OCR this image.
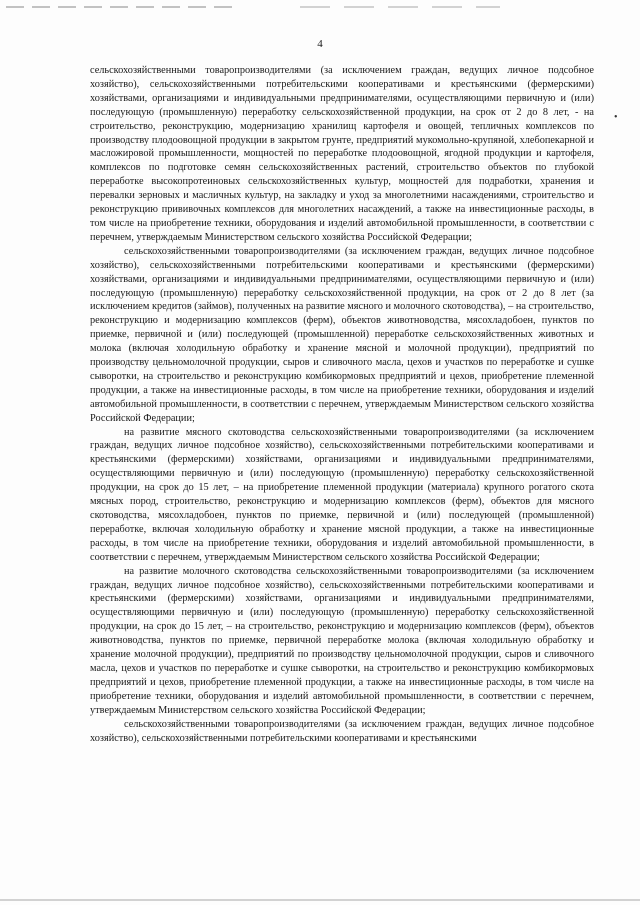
4
•

сельскохозяйственными товаропроизводителями (за исключением граждан, ведущих личное подсобное хозяйство), сельскохозяйственными потребительскими кооперативами и крестьянскими (фермерскими) хозяйствами, организациями и индивидуальными предпринимателями, осуществляющими первичную и (или) последующую (промышленную) переработку сельскохозяйственной продукции, на срок от 2 до 8 лет, - на строительство, реконструкцию, модернизацию хранилищ картофеля и овощей, тепличных комплексов по производству плодоовощной продукции в закрытом грунте, предприятий мукомольно-крупяной, хлебопекарной и масложировой промышленности, мощностей по переработке плодоовощной, ягодной продукции и картофеля, комплексов по подготовке семян сельскохозяйственных растений, строительство объектов по глубокой переработке высокопротеиновых сельскохозяйственных культур, мощностей для подработки, хранения и перевалки зерновых и масличных культур, на закладку и уход за многолетними насаждениями, строительство и реконструкцию прививочных комплексов для многолетних насаждений, а также на инвестиционные расходы, в том числе на приобретение техники, оборудования и изделий автомобильной промышленности, в соответствии с перечнем, утверждаемым Министерством сельского хозяйства Российской Федерации;

сельскохозяйственными товаропроизводителями (за исключением граждан, ведущих личное подсобное хозяйство), сельскохозяйственными потребительскими кооперативами и крестьянскими (фермерскими) хозяйствами, организациями и индивидуальными предпринимателями, осуществляющими первичную и (или) последующую (промышленную) переработку сельскохозяйственной продукции, на срок от 2 до 8 лет (за исключением кредитов (займов), полученных на развитие мясного и молочного скотоводства), – на строительство, реконструкцию и модернизацию комплексов (ферм), объектов животноводства, мясохладобоен, пунктов по приемке, первичной и (или) последующей (промышленной) переработке сельскохозяйственных животных и молока (включая холодильную обработку и хранение мясной и молочной продукции), предприятий по производству цельномолочной продукции, сыров и сливочного масла, цехов и участков по переработке и сушке сыворотки, на строительство и реконструкцию комбикормовых предприятий и цехов, приобретение племенной продукции, а также на инвестиционные расходы, в том числе на приобретение техники, оборудования и изделий автомобильной промышленности, в соответствии с перечнем, утверждаемым Министерством сельского хозяйства Российской Федерации;

на развитие мясного скотоводства сельскохозяйственными товаропроизводителями (за исключением граждан, ведущих личное подсобное хозяйство), сельскохозяйственными потребительскими кооперативами и крестьянскими (фермерскими) хозяйствами, организациями и индивидуальными предпринимателями, осуществляющими первичную и (или) последующую (промышленную) переработку сельскохозяйственной продукции, на срок до 15 лет, – на приобретение племенной продукции (материала) крупного рогатого скота мясных пород, строительство, реконструкцию и модернизацию комплексов (ферм), объектов для мясного скотоводства, мясохладобоен, пунктов по приемке, первичной и (или) последующей (промышленной) переработке, включая холодильную обработку и хранение мясной продукции, а также на инвестиционные расходы, в том числе на приобретение техники, оборудования и изделий автомобильной промышленности, в соответствии с перечнем, утверждаемым Министерством сельского хозяйства Российской Федерации;

на развитие молочного скотоводства сельскохозяйственными товаропроизводителями (за исключением граждан, ведущих личное подсобное хозяйство), сельскохозяйственными потребительскими кооперативами и крестьянскими (фермерскими) хозяйствами, организациями и индивидуальными предпринимателями, осуществляющими первичную и (или) последующую (промышленную) переработку сельскохозяйственной продукции, на срок до 15 лет, – на строительство, реконструкцию и модернизацию комплексов (ферм), объектов животноводства, пунктов по приемке, первичной переработке молока (включая холодильную обработку и хранение молочной продукции), предприятий по производству цельномолочной продукции, сыров и сливочного масла, цехов и участков по переработке и сушке сыворотки, на строительство и реконструкцию комбикормовых предприятий и цехов, приобретение племенной продукции, а также на инвестиционные расходы, в том числе на приобретение техники, оборудования и изделий автомобильной промышленности, в соответствии с перечнем, утверждаемым Министерством сельского хозяйства Российской Федерации;

сельскохозяйственными товаропроизводителями (за исключением граждан, ведущих личное подсобное хозяйство), сельскохозяйственными потребительскими кооперативами и крестьянскими
